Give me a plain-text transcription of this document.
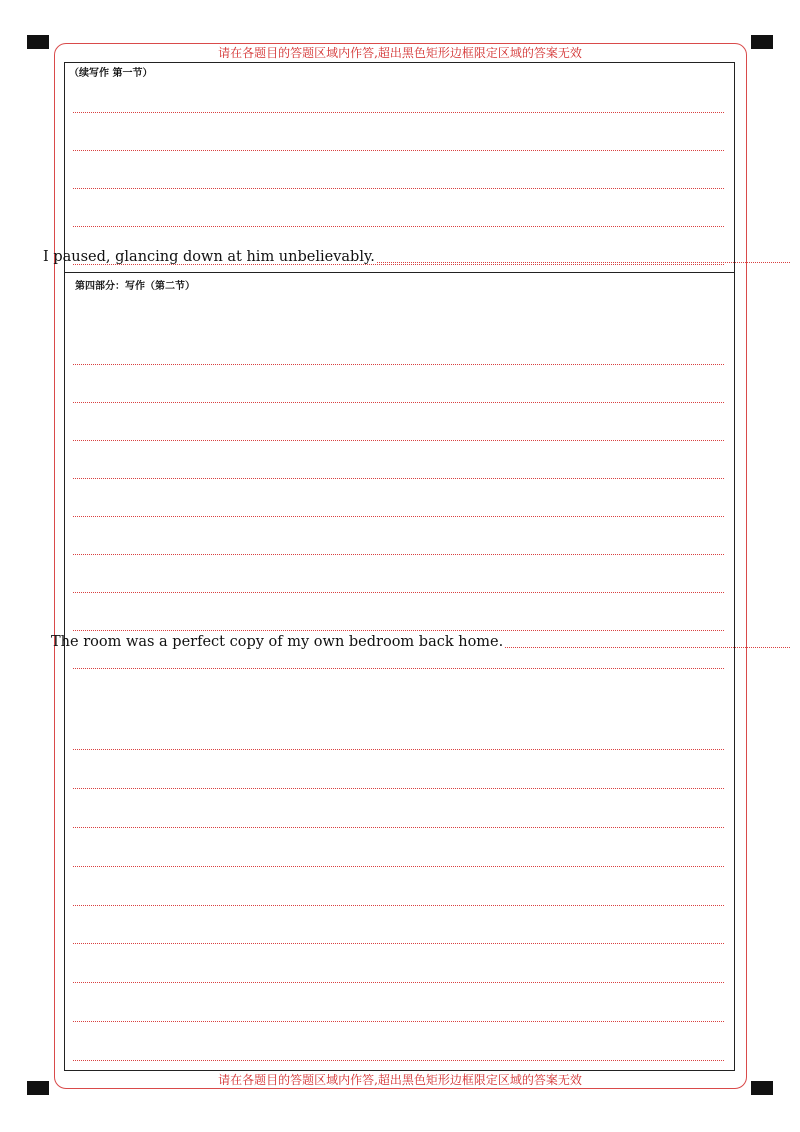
请在各题目的答题区域内作答,超出黑色矩形边框限定区域的答案无效
请在各题目的答题区域内作答,超出黑色矩形边框限定区域的答案无效
（续写作 第一节）
第四部分：写作（第二节）
I paused, glancing down at him unbelievably.
The room was a perfect copy of my own bedroom back home.
